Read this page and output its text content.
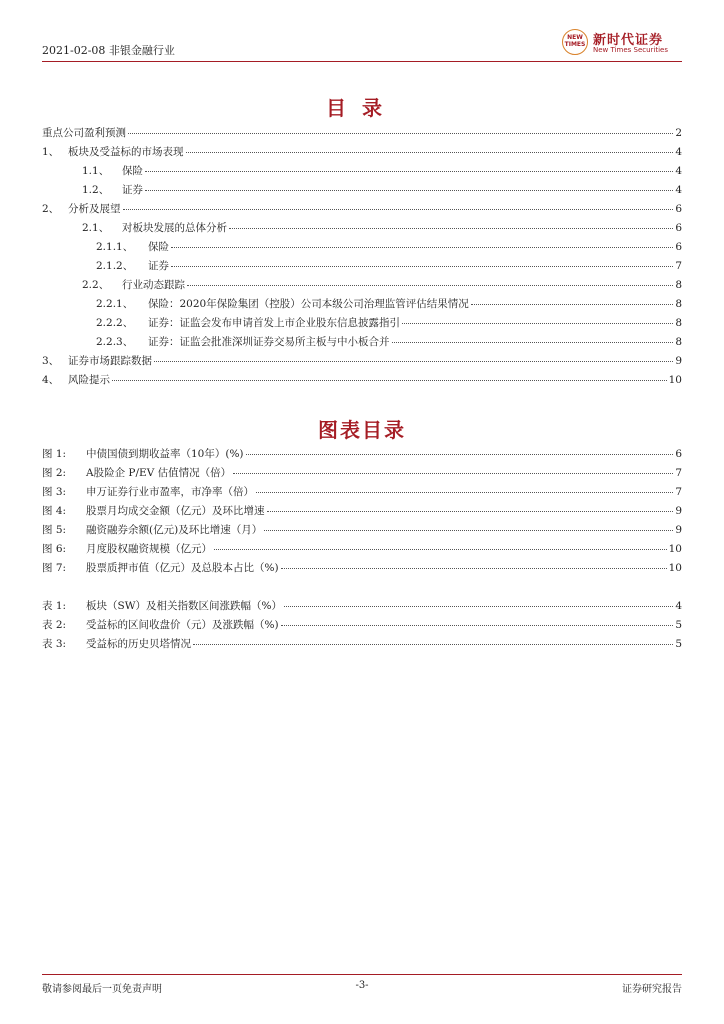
2021-02-08 非银金融行业
NEW TIMES 新时代证券
New Times Securities
目录
重点公司盈利预测	2
1、 板块及受益标的市场表现	4
1.1、	保险	4
1.2、	证券	4
2、 分析及展望	6
2.1、	对板块发展的总体分析	6
2.1.1、	保险	6
2.1.2、	证券	7
2.2、	行业动态跟踪	8
2.2.1、	保险：2020年保险集团（控股）公司本级公司治理监管评估结果情况	8
2.2.2、	证券：证监会发布申请首发上市企业股东信息披露指引	8
2.2.3、	证券：证监会批准深圳证券交易所主板与中小板合并	8
3、 证券市场跟踪数据	9
4、 风险提示	10
图表目录
图 1:	中债国债到期收益率（10年）(%)	6
图 2:	A股险企 P/EV 估值情况（倍）	7
图 3:	申万证券行业市盈率，市净率（倍）	7
图 4:	股票月均成交金额（亿元）及环比增速	9
图 5:	融资融券余额(亿元)及环比增速（月）	9
图 6:	月度股权融资规模（亿元）	10
图 7:	股票质押市值（亿元）及总股本占比（%)	10
表 1:	板块（SW）及相关指数区间涨跌幅（%）	4
表 2:	受益标的区间收盘价（元）及涨跌幅（%)	5
表 3:	受益标的历史贝塔情况	5
敬请参阅最后一页免责声明	-3-	证券研究报告
